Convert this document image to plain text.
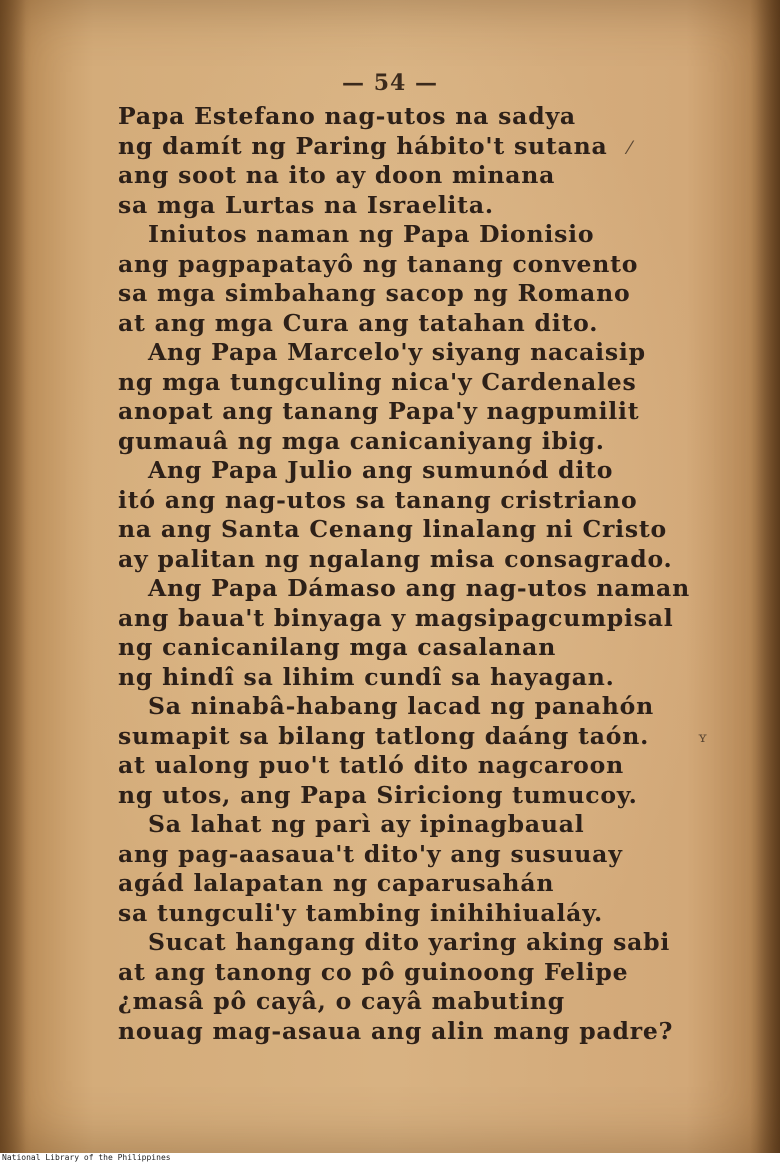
— 54 —
Papa Estefano nag-utos na sadya
ng damít ng Paring hábito't sutana
ang soot na ito ay doon minana
sa mga Lurtas na Israelita.
Iniutos naman ng Papa Dionisio
ang pagpapatayô ng tanang convento
sa mga simbahang sacop ng Romano
at ang mga Cura ang tatahan dito.
Ang Papa Marcelo'y siyang nacaisip
ng mga tungculing nica'y Cardenales
anopat ang tanang Papa'y nagpumilit
gumauâ ng mga canicaniyang ibig.
Ang Papa Julio ang sumunód dito
itó ang nag-utos sa tanang cristriano
na ang Santa Cenang linalang ni Cristo
ay palitan ng ngalang misa consagrado.
Ang Papa Dámaso ang nag-utos naman
ang baua't binyaga y magsipagcumpisal
ng canicanilang mga casalanan
ng hindî sa lihim cundî sa hayagan.
Sa ninabâ-habang lacad ng panahón
sumapit sa bilang tatlong daáng taón.
at ualong puo't tatló dito nagcaroon
ng utos, ang Papa Siriciong tumucoy.
Sa lahat ng parì ay ipinagbaual
ang pag-aasaua't dito'y ang susuuay
agád lalapatan ng caparusahán
sa tungculi'y tambing inihihiualáy.
Sucat hangang dito yaring aking sabi
at ang tanong co pô guinoong Felipe
¿masâ pô cayâ, o cayâ mabuting
nouag mag-asaua ang alin mang padre?
⁄
ʏ
National Library of the Philippines
